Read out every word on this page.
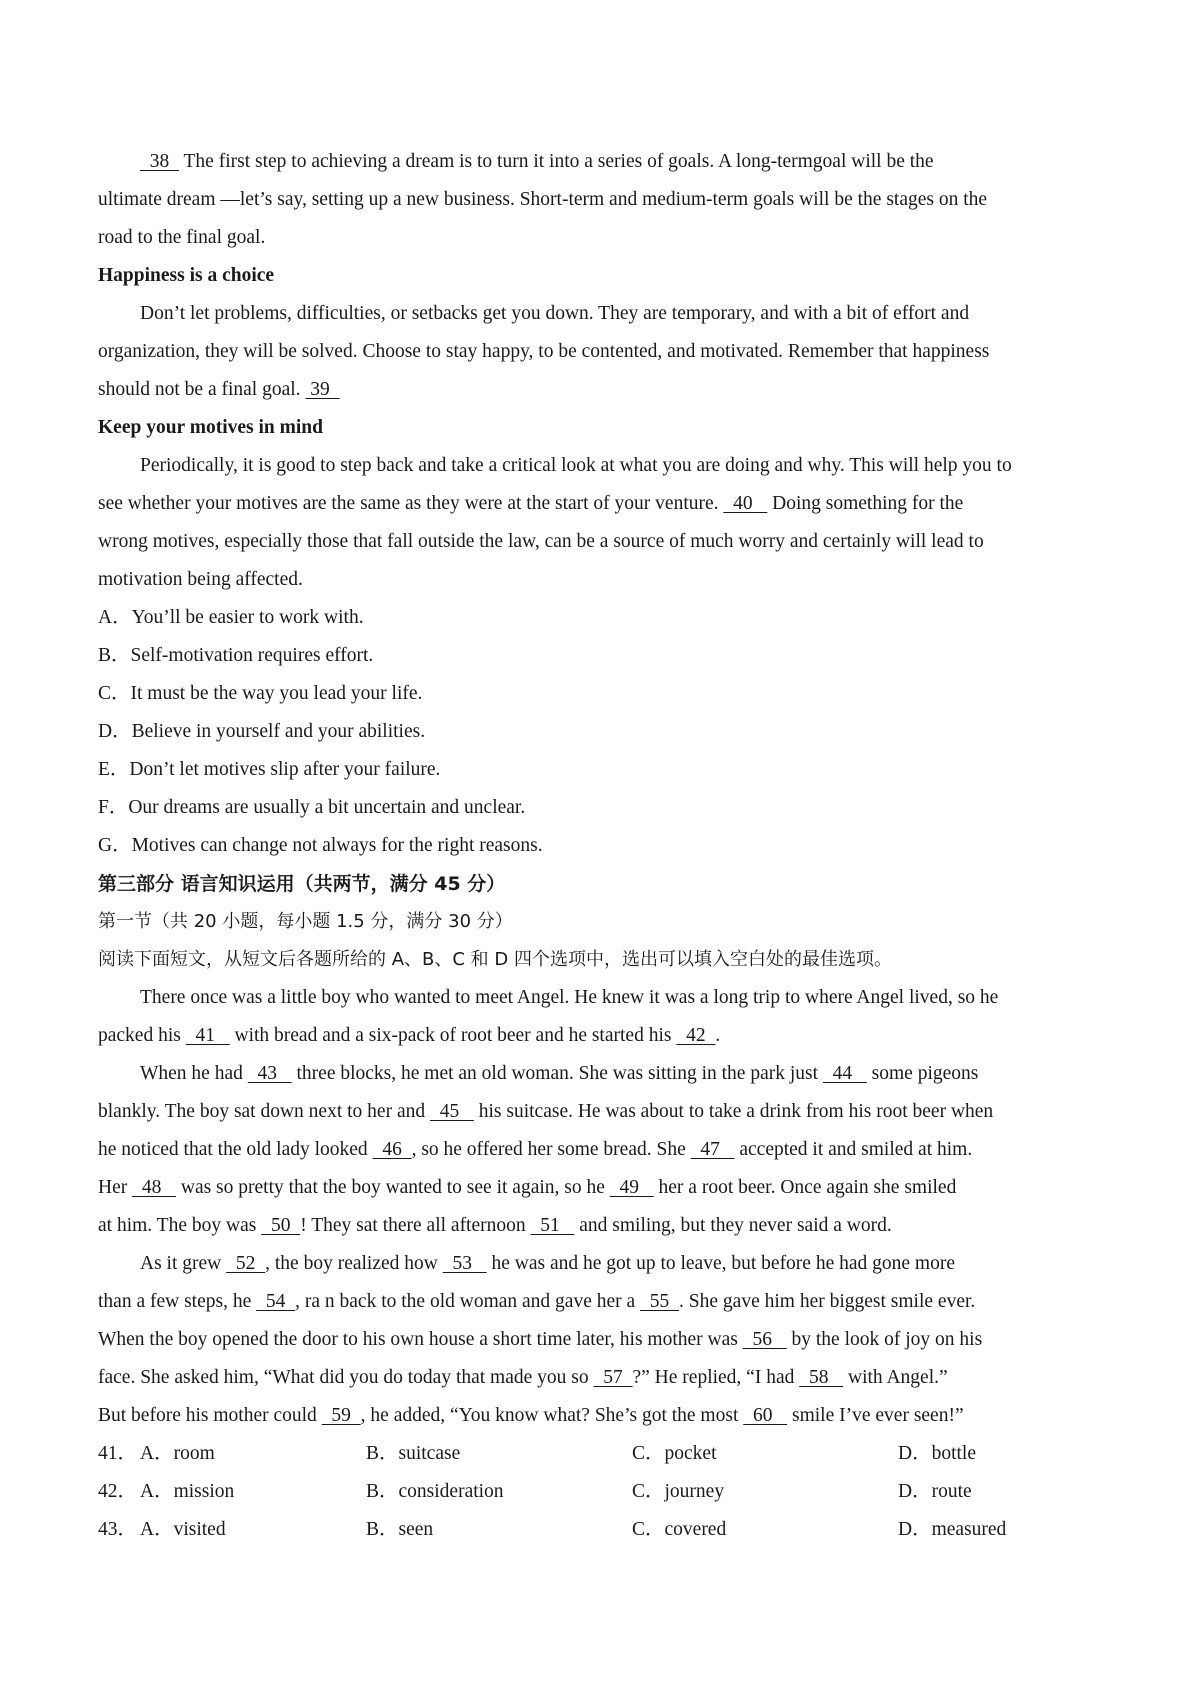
38   The first step to achieving a dream is to turn it into a series of goals. A long-termgoal will be the
ultimate dream —let’s say, setting up a new business. Short-term and medium-term goals will be the stages on the
road to the final goal.
Happiness is a choice
Don’t let problems, difficulties, or setbacks get you down. They are temporary, and with a bit of effort and
organization, they will be solved. Choose to stay happy, to be contented, and motivated. Remember that happiness
should not be a final goal.  39
Keep your motives in mind
Periodically, it is good to step back and take a critical look at what you are doing and why. This will help you to
see whether your motives are the same as they were at the start of your venture.   40    Doing something for the
wrong motives, especially those that fall outside the law, can be a source of much worry and certainly will lead to
motivation being affected.
A．You’ll be easier to work with.
B．Self-motivation requires effort.
C．It must be the way you lead your life.
D．Believe in yourself and your abilities.
E．Don’t let motives slip after your failure.
F．Our dreams are usually a bit uncertain and unclear.
G．Motives can change not always for the right reasons.
第三部分 语言知识运用（共两节，满分 45 分）
第一节（共 20 小题，每小题 1.5 分，满分 30 分）
阅读下面短文，从短文后各题所给的 A、B、C 和 D 四个选项中，选出可以填入空白处的最佳选项。
There once was a little boy who wanted to meet Angel. He knew it was a long trip to where Angel lived, so he
packed his   41    with bread and a six-pack of root beer and he started his   42  .
When he had   43    three blocks, he met an old woman. She was sitting in the park just   44    some pigeons
blankly. The boy sat down next to her and   45    his suitcase. He was about to take a drink from his root beer when
he noticed that the old lady looked   46  , so he offered her some bread. She   47    accepted it and smiled at him.
Her   48    was so pretty that the boy wanted to see it again, so he   49    her a root beer. Once again she smiled
at him. The boy was   50  ! They sat there all afternoon   51    and smiling, but they never said a word.
As it grew   52  , the boy realized how   53    he was and he got up to leave, but before he had gone more
than a few steps, he   54  , ra n back to the old woman and gave her a   55  . She gave him her biggest smile ever.
When the boy opened the door to his own house a short time later, his mother was   56    by the look of joy on his
face. She asked him, “What did you do today that made you so   57  ?” He replied, “I had   58    with Angel.”
But before his mother could   59  , he added, “You know what? She’s got the most   60    smile I’ve ever seen!”
41． A．room	B．suitcase	C．pocket	D．bottle
42． A．mission	B．consideration	C．journey	D．route
43． A．visited	B．seen	C．covered	D．measured
